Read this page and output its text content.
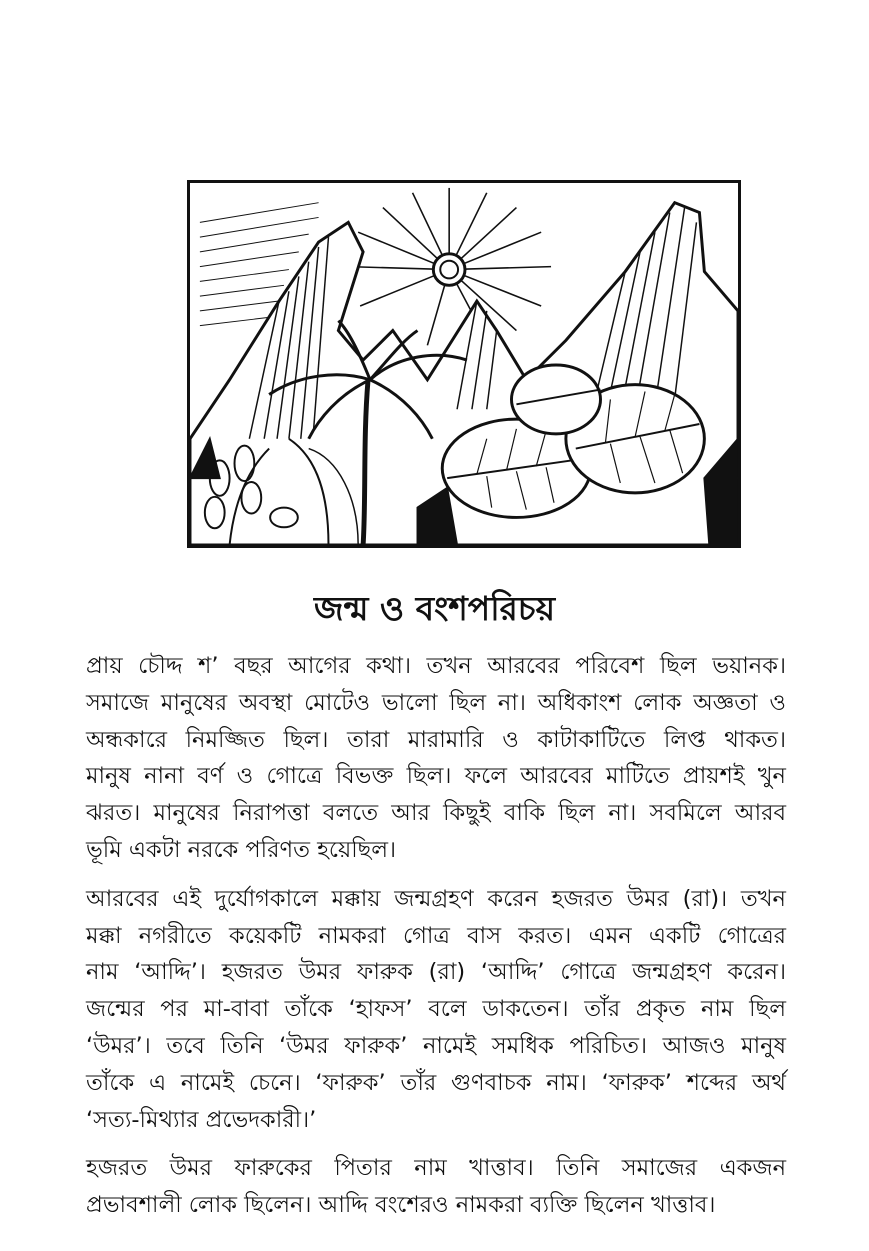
জন্ম ও বংশপরিচয়

প্রায় চৌদ্দ শ’ বছর আগের কথা। তখন আরবের পরিবেশ ছিল ভয়ানক।
সমাজে মানুষের অবস্থা মোটেও ভালো ছিল না। অধিকাংশ লোক অজ্ঞতা ও
অন্ধকারে নিমজ্জিত ছিল। তারা মারামারি ও কাটাকাটিতে লিপ্ত থাকত।
মানুষ নানা বর্ণ ও গোত্রে বিভক্ত ছিল। ফলে আরবের মাটিতে প্রায়শই খুন
ঝরত। মানুষের নিরাপত্তা বলতে আর কিছুই বাকি ছিল না। সবমিলে আরব
ভূমি একটা নরকে পরিণত হয়েছিল।

আরবের এই দুর্যোগকালে মক্কায় জন্মগ্রহণ করেন হজরত উমর (রা)। তখন
মক্কা নগরীতে কয়েকটি নামকরা গোত্র বাস করত। এমন একটি গোত্রের
নাম ‘আদ্দি’। হজরত উমর ফারুক (রা) ‘আদ্দি’ গোত্রে জন্মগ্রহণ করেন।
জন্মের পর মা-বাবা তাঁকে ‘হাফস’ বলে ডাকতেন। তাঁর প্রকৃত নাম ছিল
‘উমর’। তবে তিনি ‘উমর ফারুক’ নামেই সমধিক পরিচিত। আজও মানুষ
তাঁকে এ নামেই চেনে। ‘ফারুক’ তাঁর গুণবাচক নাম। ‘ফারুক’ শব্দের অর্থ
‘সত্য-মিথ্যার প্রভেদকারী।’

হজরত উমর ফারুকের পিতার নাম খাত্তাব। তিনি সমাজের একজন
প্রভাবশালী লোক ছিলেন। আদ্দি বংশেরও নামকরা ব্যক্তি ছিলেন খাত্তাব।
